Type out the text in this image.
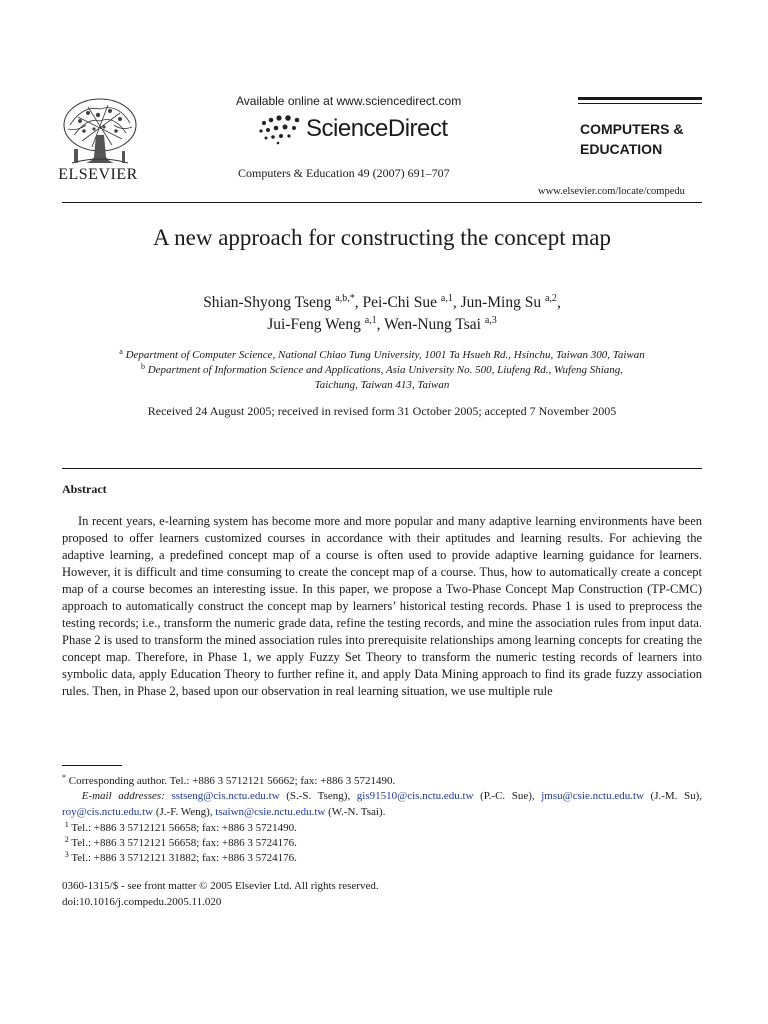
ELSEVIER
Available online at www.sciencedirect.com
ScienceDirect
Computers & Education 49 (2007) 691–707
COMPUTERS &
EDUCATION
www.elsevier.com/locate/compedu
A new approach for constructing the concept map
Shian-Shyong Tseng $^{a,b,*}$, Pei-Chi Sue $^{a,1}$, Jun-Ming Su $^{a,2}$,
Jui-Feng Weng $^{a,1}$, Wen-Nung Tsai $^{a,3}$
$^a$ Department of Computer Science, National Chiao Tung University, 1001 Ta Hsueh Rd., Hsinchu, Taiwan 300, Taiwan
$^b$ Department of Information Science and Applications, Asia University No. 500, Liufeng Rd., Wufeng Shiang,
Taichung, Taiwan 413, Taiwan
Received 24 August 2005; received in revised form 31 October 2005; accepted 7 November 2005
Abstract
In recent years, e-learning system has become more and more popular and many adaptive learning environments have been proposed to offer learners customized courses in accordance with their aptitudes and learning results. For achieving the adaptive learning, a predefined concept map of a course is often used to provide adaptive learning guidance for learners. However, it is difficult and time consuming to create the concept map of a course. Thus, how to automatically create a concept map of a course becomes an interesting issue. In this paper, we propose a Two-Phase Concept Map Construction (TP-CMC) approach to automatically construct the concept map by learners’ historical testing records. Phase 1 is used to preprocess the testing records; i.e., transform the numeric grade data, refine the testing records, and mine the association rules from input data. Phase 2 is used to transform the mined association rules into prerequisite relationships among learning concepts for creating the concept map. Therefore, in Phase 1, we apply Fuzzy Set Theory to transform the numeric testing records of learners into symbolic data, apply Education Theory to further refine it, and apply Data Mining approach to find its grade fuzzy association rules. Then, in Phase 2, based upon our observation in real learning situation, we use multiple rule
* Corresponding author. Tel.: +886 3 5712121 56662; fax: +886 3 5721490.
E-mail addresses: sstseng@cis.nctu.edu.tw (S.-S. Tseng), gis91510@cis.nctu.edu.tw (P.-C. Sue), jmsu@csie.nctu.edu.tw (J.-M. Su), roy@cis.nctu.edu.tw (J.-F. Weng), tsaiwn@csie.nctu.edu.tw (W.-N. Tsai).
$^1$ Tel.: +886 3 5712121 56658; fax: +886 3 5721490.
$^2$ Tel.: +886 3 5712121 56658; fax: +886 3 5724176.
$^3$ Tel.: +886 3 5712121 31882; fax: +886 3 5724176.
0360-1315/$ - see front matter © 2005 Elsevier Ltd. All rights reserved.
doi:10.1016/j.compedu.2005.11.020
